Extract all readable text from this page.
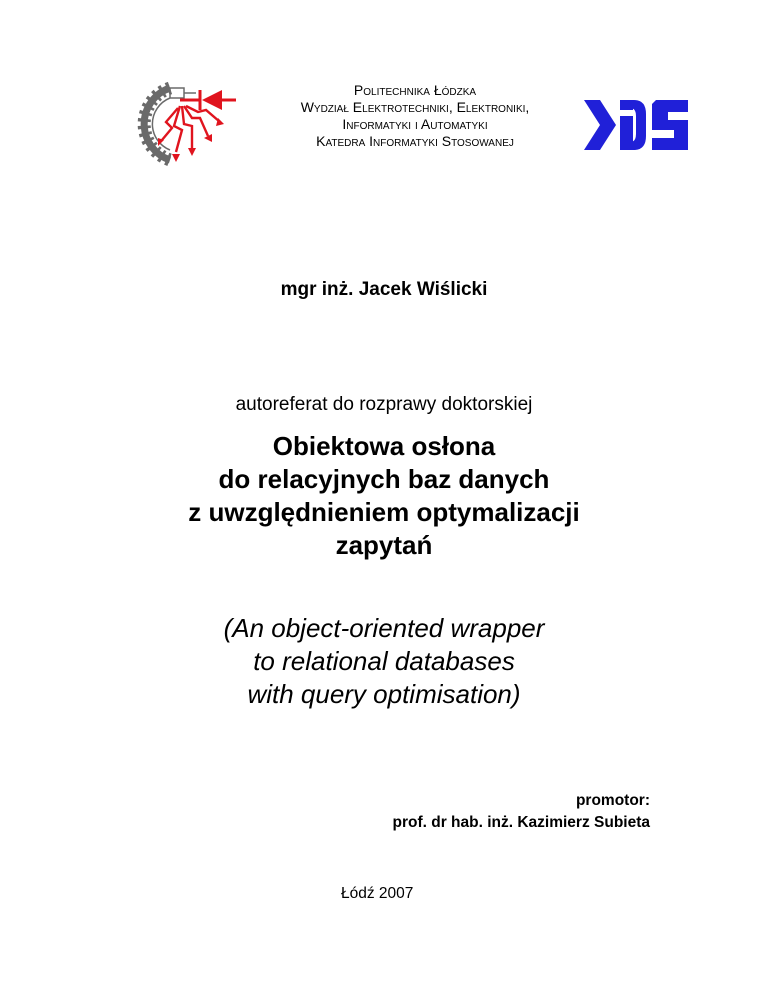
Politechnika Łódzka
Wydział Elektrotechniki, Elektroniki,
Informatyki i Automatyki
Katedra Informatyki Stosowanej
mgr inż. Jacek Wiślicki
autoreferat do rozprawy doktorskiej
Obiektowa osłona
do relacyjnych baz danych
z uwzględnieniem optymalizacji
zapytań
(An object-oriented wrapper
to relational databases
with query optimisation)
promotor:
prof. dr hab. inż. Kazimierz Subieta
Łódź 2007
